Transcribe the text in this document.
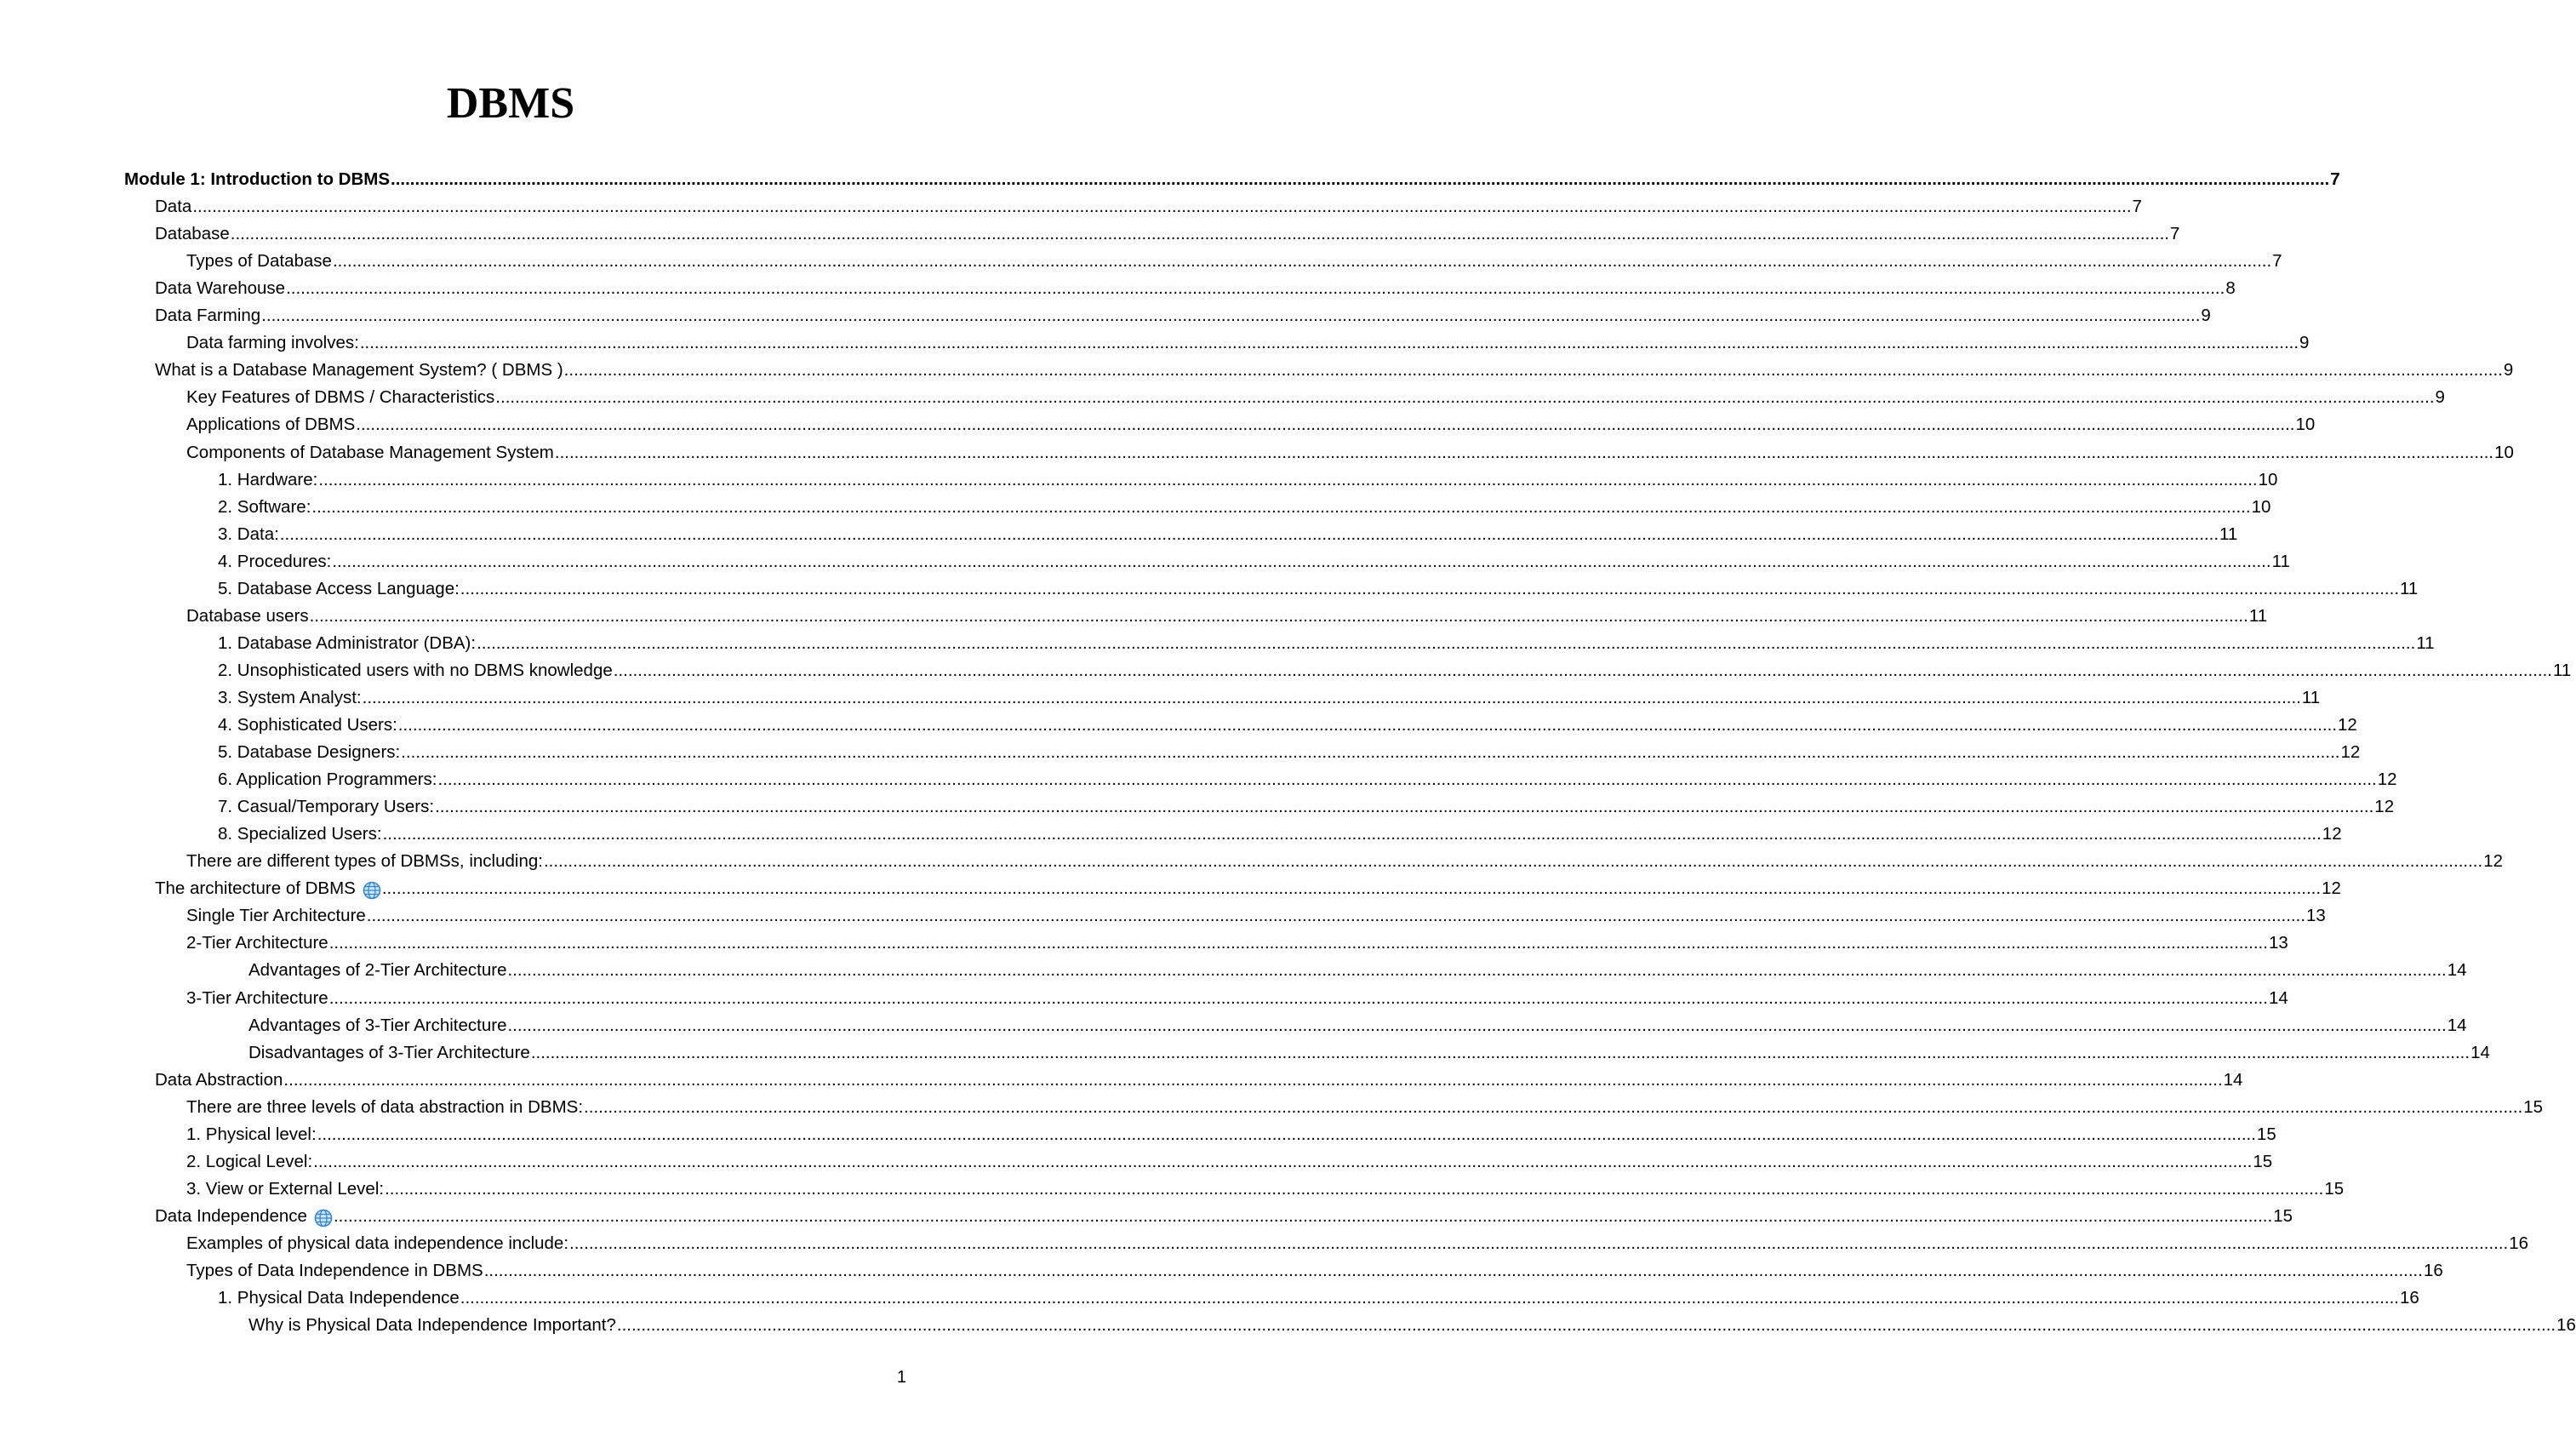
DBMS
Module 1: Introduction to DBMS ................................................................................................................................................................................................................................................................................................................................................................................................................ 7
Data ................................................................................................................................................................................................................................................................................................................................................................................................................ 7
Database ................................................................................................................................................................................................................................................................................................................................................................................................................ 7
Types of Database ................................................................................................................................................................................................................................................................................................................................................................................................................ 7
Data Warehouse ................................................................................................................................................................................................................................................................................................................................................................................................................ 8
Data Farming ................................................................................................................................................................................................................................................................................................................................................................................................................ 9
Data farming involves: ................................................................................................................................................................................................................................................................................................................................................................................................................ 9
What is a Database Management System? ( DBMS ) ................................................................................................................................................................................................................................................................................................................................................................................................................ 9
Key Features of DBMS / Characteristics ................................................................................................................................................................................................................................................................................................................................................................................................................ 9
Applications of DBMS ................................................................................................................................................................................................................................................................................................................................................................................................................ 10
Components of Database Management System ................................................................................................................................................................................................................................................................................................................................................................................................................ 10
1. Hardware: ................................................................................................................................................................................................................................................................................................................................................................................................................ 10
2. Software: ................................................................................................................................................................................................................................................................................................................................................................................................................ 10
3. Data: ................................................................................................................................................................................................................................................................................................................................................................................................................ 11
4. Procedures: ................................................................................................................................................................................................................................................................................................................................................................................................................ 11
5. Database Access Language: ................................................................................................................................................................................................................................................................................................................................................................................................................ 11
Database users ................................................................................................................................................................................................................................................................................................................................................................................................................ 11
1. Database Administrator (DBA): ................................................................................................................................................................................................................................................................................................................................................................................................................ 11
2. Unsophisticated users with no DBMS knowledge ................................................................................................................................................................................................................................................................................................................................................................................................................ 11
3. System Analyst: ................................................................................................................................................................................................................................................................................................................................................................................................................ 11
4. Sophisticated Users: ................................................................................................................................................................................................................................................................................................................................................................................................................ 12
5. Database Designers: ................................................................................................................................................................................................................................................................................................................................................................................................................ 12
6. Application Programmers: ................................................................................................................................................................................................................................................................................................................................................................................................................ 12
7. Casual/Temporary Users: ................................................................................................................................................................................................................................................................................................................................................................................................................ 12
8. Specialized Users: ................................................................................................................................................................................................................................................................................................................................................................................................................ 12
There are different types of DBMSs, including: ................................................................................................................................................................................................................................................................................................................................................................................................................ 12
The architecture of DBMS ................................................................................................................................................................................................................................................................................................................................................................................................................ 12
Single Tier Architecture ................................................................................................................................................................................................................................................................................................................................................................................................................ 13
2-Tier Architecture ................................................................................................................................................................................................................................................................................................................................................................................................................ 13
Advantages of 2-Tier Architecture ................................................................................................................................................................................................................................................................................................................................................................................................................ 14
3-Tier Architecture ................................................................................................................................................................................................................................................................................................................................................................................................................ 14
Advantages of 3-Tier Architecture ................................................................................................................................................................................................................................................................................................................................................................................................................ 14
Disadvantages of 3-Tier Architecture ................................................................................................................................................................................................................................................................................................................................................................................................................ 14
Data Abstraction ................................................................................................................................................................................................................................................................................................................................................................................................................ 14
There are three levels of data abstraction in DBMS: ................................................................................................................................................................................................................................................................................................................................................................................................................ 15
1. Physical level: ................................................................................................................................................................................................................................................................................................................................................................................................................ 15
2. Logical Level: ................................................................................................................................................................................................................................................................................................................................................................................................................ 15
3. View or External Level: ................................................................................................................................................................................................................................................................................................................................................................................................................ 15
Data Independence ................................................................................................................................................................................................................................................................................................................................................................................................................ 15
Examples of physical data independence include: ................................................................................................................................................................................................................................................................................................................................................................................................................ 16
Types of Data Independence in DBMS ................................................................................................................................................................................................................................................................................................................................................................................................................ 16
1. Physical Data Independence ................................................................................................................................................................................................................................................................................................................................................................................................................ 16
Why is Physical Data Independence Important? ................................................................................................................................................................................................................................................................................................................................................................................................................ 16
1
